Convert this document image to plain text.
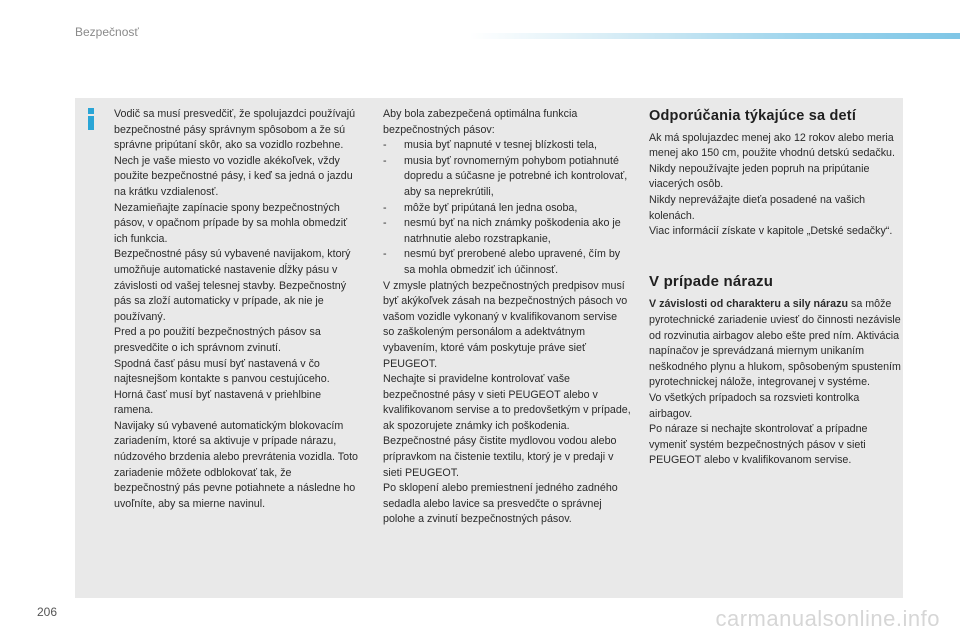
Bezpečnosť

Vodič sa musí presvedčiť, že spolujazdci používajú bezpečnostné pásy správnym spôsobom a že sú správne pripútaní skôr, ako sa vozidlo rozbehne.

Nech je vaše miesto vo vozidle akékoľvek, vždy použite bezpečnostné pásy, i keď sa jedná o jazdu na krátku vzdialenosť.

Nezamieňajte zapínacie spony bezpečnostných pásov, v opačnom prípade by sa mohla obmedziť ich funkcia.

Bezpečnostné pásy sú vybavené navijakom, ktorý umožňuje automatické nastavenie dĺžky pásu v závislosti od vašej telesnej stavby. Bezpečnostný pás sa zloží automaticky v prípade, ak nie je používaný.

Pred a po použití bezpečnostných pásov sa presvedčite o ich správnom zvinutí.

Spodná časť pásu musí byť nastavená v čo najtesnejšom kontakte s panvou cestujúceho.

Horná časť musí byť nastavená v priehlbine ramena.

Navijaky sú vybavené automatickým blokovacím zariadením, ktoré sa aktivuje v prípade nárazu, núdzového brzdenia alebo prevrátenia vozidla. Toto zariadenie môžete odblokovať tak, že bezpečnostný pás pevne potiahnete a následne ho uvoľníte, aby sa mierne navinul.

Aby bola zabezpečená optimálna funkcia bezpečnostných pásov:

- musia byť napnuté v tesnej blízkosti tela,
- musia byť rovnomerným pohybom potiahnuté dopredu a súčasne je potrebné ich kontrolovať, aby sa neprekrútili,
- môže byť pripútaná len jedna osoba,
- nesmú byť na nich známky poškodenia ako je natrhnutie alebo rozstrapkanie,
- nesmú byť prerobené alebo upravené, čím by sa mohla obmedziť ich účinnosť.

V zmysle platných bezpečnostných predpisov musí byť akýkoľvek zásah na bezpečnostných pásoch vo vašom vozidle vykonaný v kvalifikovanom servise so zaškoleným personálom a adektvátnym vybavením, ktoré vám poskytuje práve sieť PEUGEOT.

Nechajte si pravidelne kontrolovať vaše bezpečnostné pásy v sieti PEUGEOT alebo v kvalifikovanom servise a to predovšetkým v prípade, ak spozorujete známky ich poškodenia.

Bezpečnostné pásy čistite mydlovou vodou alebo prípravkom na čistenie textilu, ktorý je v predaji v sieti PEUGEOT.

Po sklopení alebo premiestnení jedného zadného sedadla alebo lavice sa presvedčte o správnej polohe a zvinutí bezpečnostných pásov.

Odporúčania týkajúce sa detí

Ak má spolujazdec menej ako 12 rokov alebo meria menej ako 150 cm, použite vhodnú detskú sedačku.

Nikdy nepoužívajte jeden popruh na pripútanie viacerých osôb.

Nikdy neprevážajte dieťa posadené na vašich kolenách.

Viac informácií získate v kapitole „Detské sedačky“.

V prípade nárazu

V závislosti od charakteru a sily nárazu sa môže pyrotechnické zariadenie uviesť do činnosti nezávisle od rozvinutia airbagov alebo ešte pred ním. Aktivácia napínačov je sprevádzaná miernym unikaním neškodného plynu a hlukom, spôsobeným spustením pyrotechnickej náložе, integrovanej v systéme.

Vo všetkých prípadoch sa rozsvieti kontrolka airbagov.

Po náraze si nechajte skontrolovať a prípadne vymeniť systém bezpečnostných pásov v sieti PEUGEOT alebo v kvalifikovanom servise.

206	carmanualsonline.info
